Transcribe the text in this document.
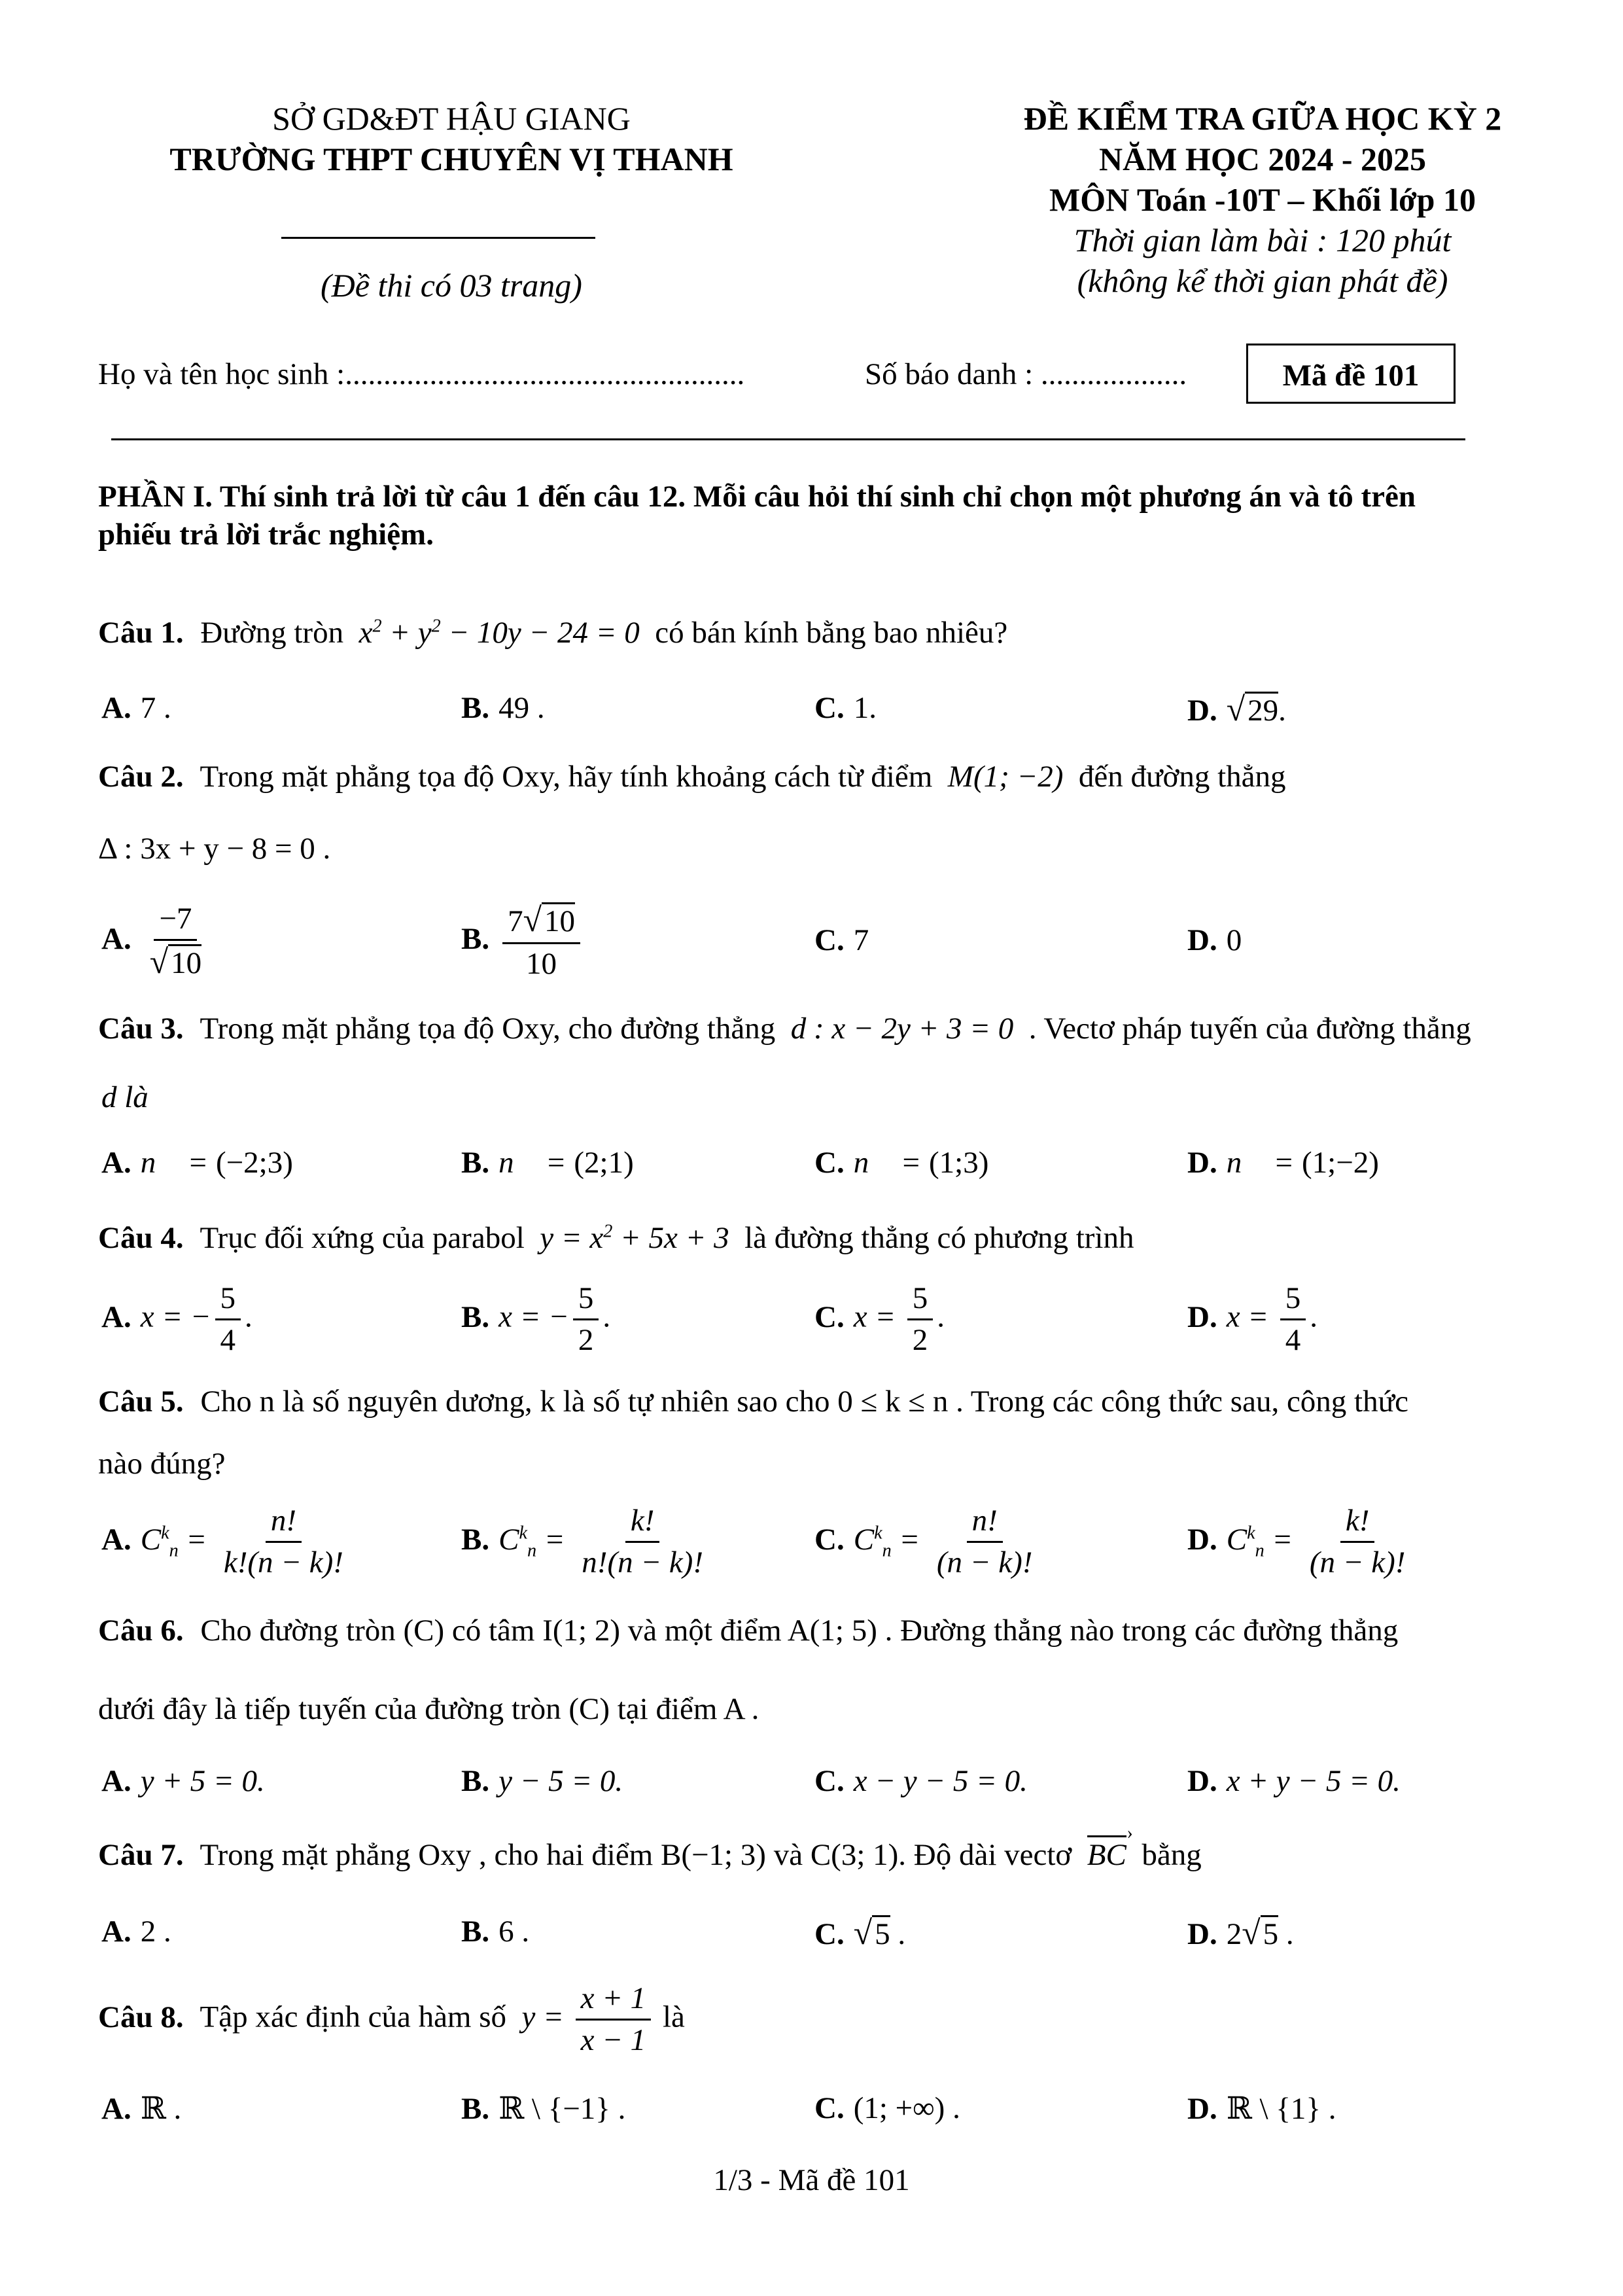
SỞ GD&ĐT HẬU GIANG
TRƯỜNG THPT CHUYÊN VỊ THANH
(Đề thi có 03 trang)
ĐỀ KIỂM TRA GIỮA HỌC KỲ 2
NĂM HỌC 2024 - 2025
MÔN Toán -10T – Khối lớp 10
Thời gian làm bài : 120 phút
(không kể thời gian phát đề)
Họ và tên học sinh :....................................................	Số báo danh : ...................	Mã đề 101
PHẦN I. Thí sinh trả lời từ câu 1 đến câu 12. Mỗi câu hỏi thí sinh chỉ chọn một phương án và tô trên
phiếu trả lời trắc nghiệm.
Câu 1. Đường tròn  $x^2 + y^2 - 10y - 24 = 0$  có bán kính bằng bao nhiêu?
A. 7 .	B. 49 .	C. 1.	D. √29.
Câu 2. Trong mặt phẳng tọa độ Oxy, hãy tính khoảng cách từ điểm  M(1; −2)  đến đường thẳng
Δ : 3x + y − 8 = 0 .
A. $\frac{-7}{√10}$	B. $\frac{7√10}{10}$	C. 7	D. 0
Câu 3. Trong mặt phẳng tọa độ Oxy, cho đường thẳng  d : x − 2y + 3 = 0  . Vectơ pháp tuyến của đường thẳng
d là
A. n⃗ = (−2;3)	B. n⃗ = (2;1)	C. n⃗ = (1;3)	D. n⃗ = (1;−2)
Câu 4. Trục đối xứng của parabol  $y = x^2 + 5x + 3$  là đường thẳng có phương trình
A. x = − $\frac{5}{4}$ .	B. x = − $\frac{5}{2}$ .	C. $x = \frac{5}{2}$ .	D. $x = \frac{5}{4}$ .
Câu 5. Cho n là số nguyên dương, k là số tự nhiên sao cho 0 ≤ k ≤ n . Trong các công thức sau, công thức
nào đúng?
A. $C^k_n = \frac{n!}{k!(n - k)!}$	B. $C^k_n = \frac{k!}{n!(n - k)!}$	C. $C^k_n = \frac{n!}{(n - k)!}$	D. $C^k_n = \frac{k!}{(n - k)!}$
Câu 6. Cho đường tròn (C) có tâm I(1; 2) và một điểm A(1; 5) . Đường thẳng nào trong các đường thẳng
dưới đây là tiếp tuyến của đường tròn (C) tại điểm A .
A. y + 5 = 0.	B. y − 5 = 0.	C. x − y − 5 = 0.	D. x + y − 5 = 0.
Câu 7. Trong mặt phẳng Oxy , cho hai điểm B(−1; 3) và C(3; 1). Độ dài vectơ BC
›
bằng
A. 2 .	B. 6 .	C. √5 .	D. 2√5 .
Câu 8. Tập xác định của hàm số  $y = \frac{x + 1}{x - 1}$ là
A. ℝ .	B. ℝ \ {−1} .	C. (1; +∞) .	D. ℝ \ {1} .
1/3 - Mã đề 101
